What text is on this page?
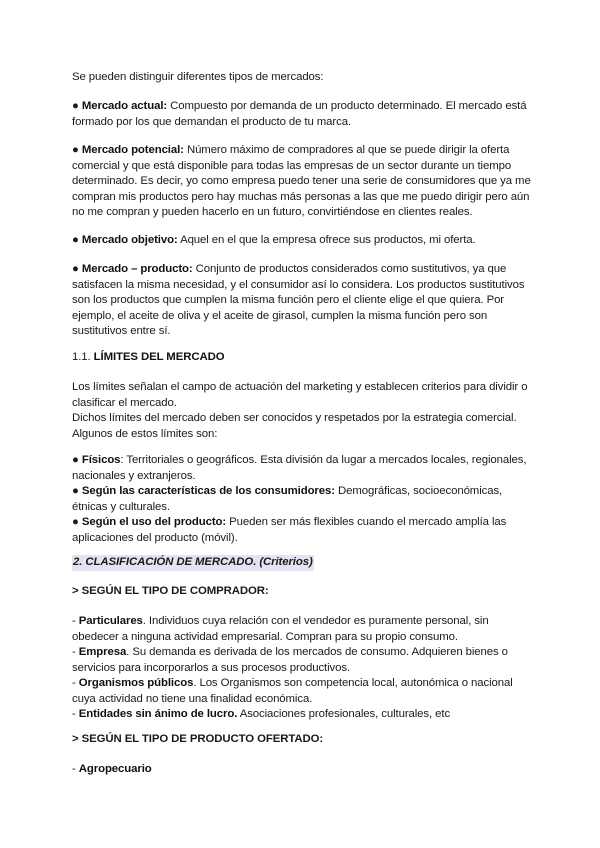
Se pueden distinguir diferentes tipos de mercados:

● Mercado actual: Compuesto por demanda de un producto determinado. El mercado está formado por los que demandan el producto de tu marca.

● Mercado potencial: Número máximo de compradores al que se puede dirigir la oferta comercial y que está disponible para todas las empresas de un sector durante un tiempo determinado. Es decir, yo como empresa puedo tener una serie de consumidores que ya me compran mis productos pero hay muchas más personas a las que me puedo dirigir pero aún no me compran y pueden hacerlo en un futuro, convirtiéndose en clientes reales.

● Mercado objetivo: Aquel en el que la empresa ofrece sus productos, mi oferta.

● Mercado – producto: Conjunto de productos considerados como sustitutivos, ya que satisfacen la misma necesidad, y el consumidor así lo considera. Los productos sustitutivos son los productos que cumplen la misma función pero el cliente elige el que quiera. Por ejemplo, el aceite de oliva y el aceite de girasol, cumplen la misma función pero son sustitutivos entre sí.

1.1. LÍMITES DEL MERCADO

Los límites señalan el campo de actuación del marketing y establecen criterios para dividir o clasificar el mercado.

Dichos límites del mercado deben ser conocidos y respetados por la estrategia comercial. Algunos de estos límites son:

● Físicos: Territoriales o geográficos. Esta división da lugar a mercados locales, regionales, nacionales y extranjeros.

● Según las características de los consumidores: Demográficas, socioeconómicas, étnicas y culturales.

● Según el uso del producto: Pueden ser más flexibles cuando el mercado amplía las aplicaciones del producto (móvil).

2. CLASIFICACIÓN DE MERCADO. (Criterios)

> SEGÚN EL TIPO DE COMPRADOR:

- Particulares. Individuos cuya relación con el vendedor es puramente personal, sin obedecer a ninguna actividad empresarial. Compran para su propio consumo.

- Empresa. Su demanda es derivada de los mercados de consumo. Adquieren bienes o servicios para incorporarlos a sus procesos productivos.

- Organismos públicos. Los Organismos son competencia local, autonómica o nacional cuya actividad no tiene una finalidad económica.

- Entidades sin ánimo de lucro. Asociaciones profesionales, culturales, etc

> SEGÚN EL TIPO DE PRODUCTO OFERTADO:

- Agropecuario
